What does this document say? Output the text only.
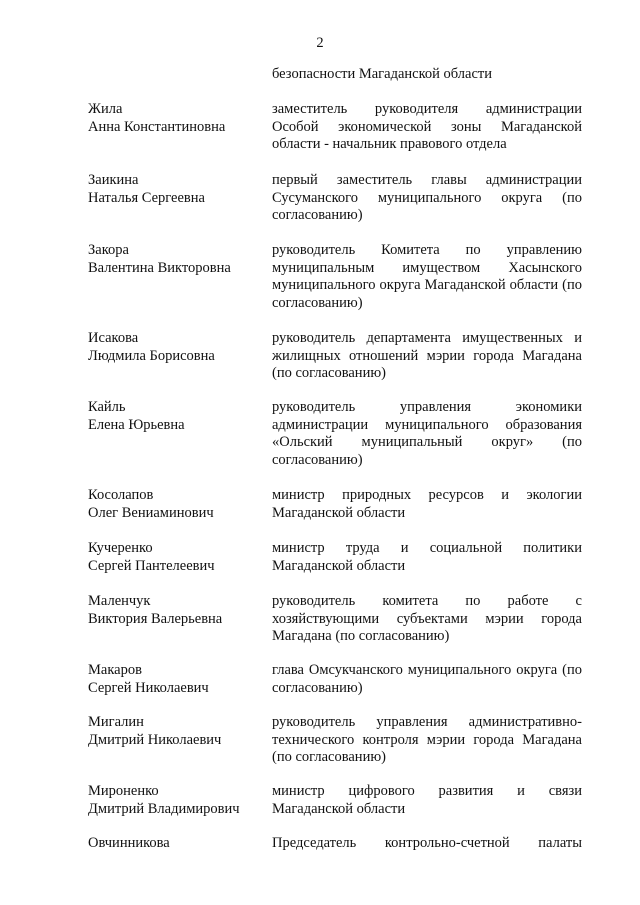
2
безопасности Магаданской области
Жила
Анна Константиновна
заместитель руководителя администрации Особой экономической зоны Магаданской области - начальник правового отдела
Заикина
Наталья Сергеевна
первый заместитель главы администрации Сусуманского муниципального округа (по согласованию)
Закора
Валентина Викторовна
руководитель Комитета по управлению муниципальным имуществом Хасынского муниципального округа Магаданской области (по согласованию)
Исакова
Людмила Борисовна
руководитель департамента имущественных и жилищных отношений мэрии города Магадана (по согласованию)
Кайль
Елена Юрьевна
руководитель управления экономики администрации муниципального образования «Ольский муниципальный округ» (по согласованию)
Косолапов
Олег Вениаминович
министр природных ресурсов и экологии Магаданской области
Кучеренко
Сергей Пантелеевич
министр труда и социальной политики Магаданской области
Маленчук
Виктория Валерьевна
руководитель комитета по работе с хозяйствующими субъектами мэрии города Магадана (по согласованию)
Макаров
Сергей Николаевич
глава Омсукчанского муниципального округа (по согласованию)
Мигалин
Дмитрий Николаевич
руководитель управления административно-технического контроля мэрии города Магадана (по согласованию)
Мироненко
Дмитрий Владимирович
министр цифрового развития и связи Магаданской области
Овчинникова	Председатель контрольно-счетной палаты
